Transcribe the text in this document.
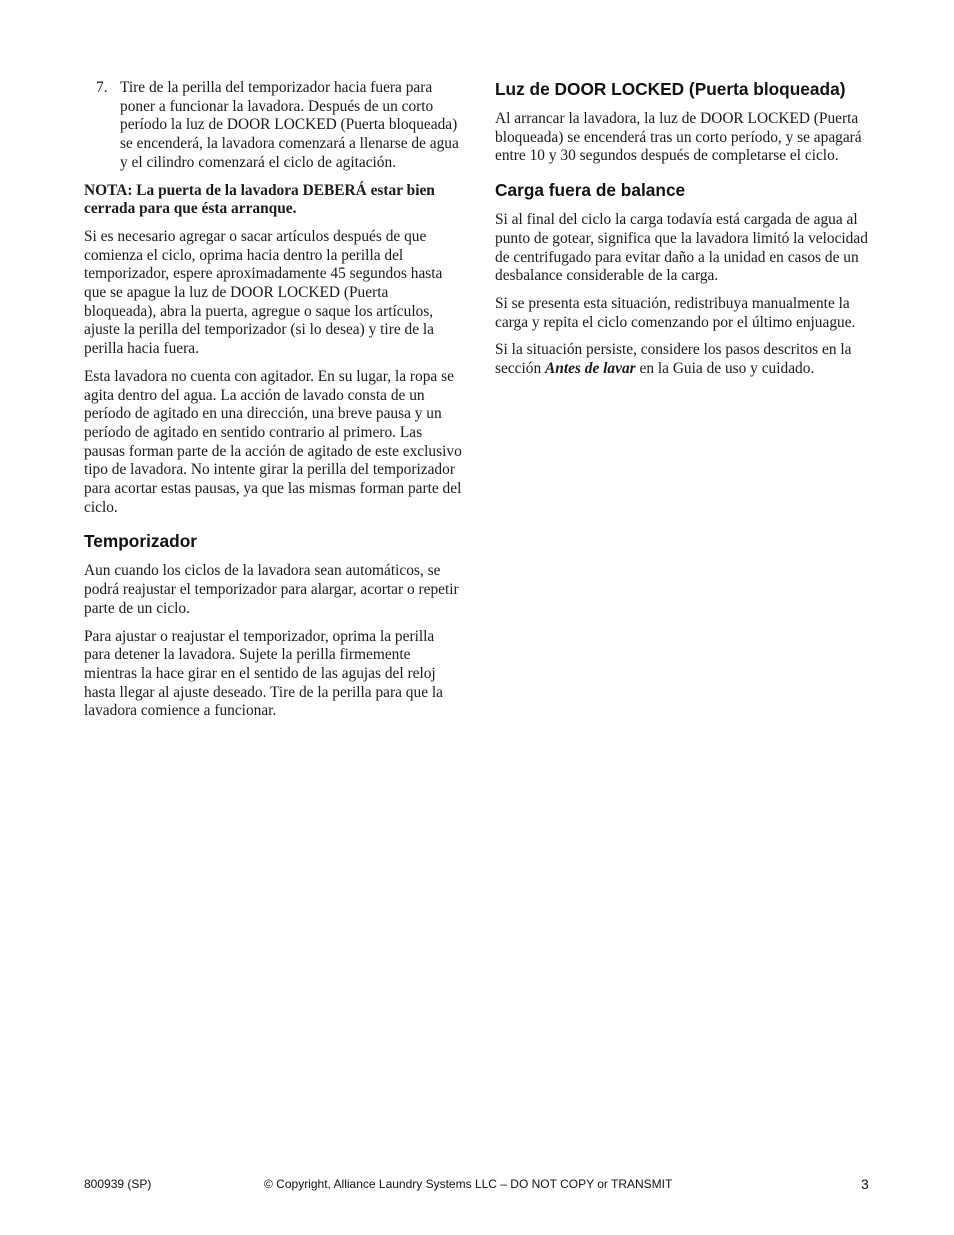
7. Tire de la perilla del temporizador hacia fuera para poner a funcionar la lavadora. Después de un corto período la luz de DOOR LOCKED (Puerta bloqueada) se encenderá, la lavadora comenzará a llenarse de agua y el cilindro comenzará el ciclo de agitación.

NOTA: La puerta de la lavadora DEBERÁ estar bien cerrada para que ésta arranque.

Si es necesario agregar o sacar artículos después de que comienza el ciclo, oprima hacia dentro la perilla del temporizador, espere aproximadamente 45 segundos hasta que se apague la luz de DOOR LOCKED (Puerta bloqueada), abra la puerta, agregue o saque los artículos, ajuste la perilla del temporizador (si lo desea) y tire de la perilla hacia fuera.

Esta lavadora no cuenta con agitador. En su lugar, la ropa se agita dentro del agua. La acción de lavado consta de un período de agitado en una dirección, una breve pausa y un período de agitado en sentido contrario al primero. Las pausas forman parte de la acción de agitado de este exclusivo tipo de lavadora. No intente girar la perilla del temporizador para acortar estas pausas, ya que las mismas forman parte del ciclo.

Temporizador

Aun cuando los ciclos de la lavadora sean automáticos, se podrá reajustar el temporizador para alargar, acortar o repetir parte de un ciclo.

Para ajustar o reajustar el temporizador, oprima la perilla para detener la lavadora. Sujete la perilla firmemente mientras la hace girar en el sentido de las agujas del reloj hasta llegar al ajuste deseado. Tire de la perilla para que la lavadora comience a funcionar.

Luz de DOOR LOCKED (Puerta bloqueada)

Al arrancar la lavadora, la luz de DOOR LOCKED (Puerta bloqueada) se encenderá tras un corto período, y se apagará entre 10 y 30 segundos después de completarse el ciclo.

Carga fuera de balance

Si al final del ciclo la carga todavía está cargada de agua al punto de gotear, significa que la lavadora limitó la velocidad de centrifugado para evitar daño a la unidad en casos de un desbalance considerable de la carga.

Si se presenta esta situación, redistribuya manualmente la carga y repita el ciclo comenzando por el último enjuague.

Si la situación persiste, considere los pasos descritos en la sección Antes de lavar en la Guia de uso y cuidado.

800939 (SP)	© Copyright, Alliance Laundry Systems LLC – DO NOT COPY or TRANSMIT	3
